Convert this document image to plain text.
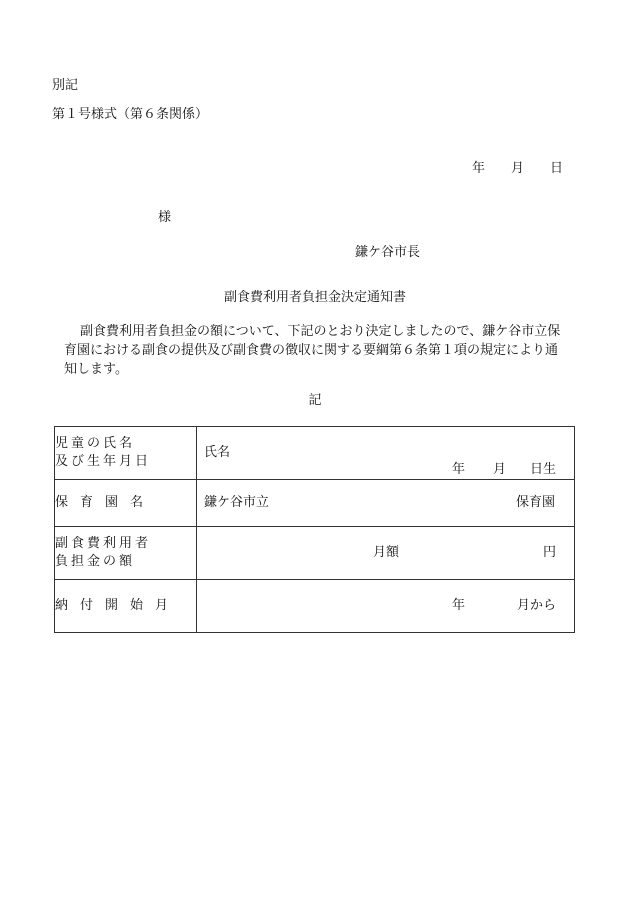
別記
第１号様式（第６条関係）
年 月 日
様
鎌ケ谷市長
副食費利用者負担金決定通知書
副食費利用者負担金の額について、下記のとおり決定しましたので、鎌ケ谷市立保育園における副食の提供及び副食費の徴収に関する要綱第６条第１項の規定により通知します。
記
児童の氏名
及び生年月日	氏名
年 月 日生

保育園名	鎌ケ谷市立 保育園

副食費利用者
負担金の額	月額 円

納付開始月	年 月から
